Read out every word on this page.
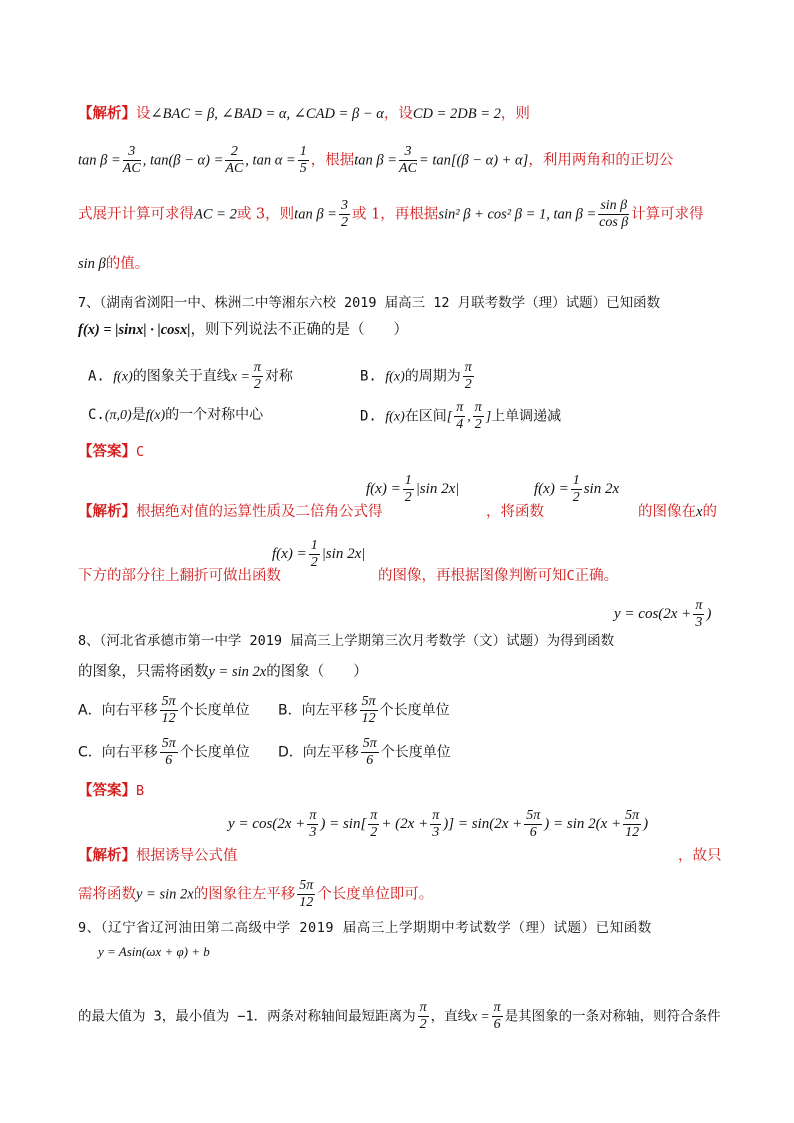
【解析】设∠BAC = β, ∠BAD = α, ∠CAD = β − α，设CD = 2DB = 2，则
$\tan \beta = \frac{3}{AC}$ , $\tan(\beta - \alpha) = \frac{2}{AC}$ , $\tan \alpha = \frac{1}{5}$ ，根据$\tan \beta = \frac{3}{AC} = \tan[(\beta - \alpha) + \alpha]$，利用两角和的正切公
式展开计算可求得AC = 2或 3，则$\tan \beta = \frac{3}{2}$ 或 1，再根据sin² β + cos² β = 1, $\tan \beta = \frac{\text{sin β}}{\text{cos β}}$ 计算可求得
sin β的值。
7、（湖南省浏阳一中、株洲二中等湘东六校 2019 届高三 12 月联考数学（理）试题）已知函数
f(x) = |sinx| · |cosx|，则下列说法不正确的是（　　）
A. f(x)的图象关于直线$x = \frac{\pi}{2}$ 对称	B. f(x)的周期为 $\frac{\pi}{2}$
C.(π,0)是f(x)的一个对称中心	D. f(x)在区间[ $\frac{\pi}{4}$ , $\frac{\pi}{2}$ ]上单调递减
【答案】C
$f(x) = \frac{1}{2} |\sin$ 2x|	$f(x) = \frac{1}{2}$ sin 2x
【解析】根据绝对值的运算性质及二倍角公式得	，将函数	的图像在x的
$f(x) = \frac{1}{2} |\sin$ 2x|
下方的部分往上翻折可做出函数	的图像，再根据图像判断可知C正确。
$y = \cos(2x + \frac{\pi}{3}$ )
8、（河北省承德市第一中学 2019 届高三上学期第三次月考数学（文）试题）为得到函数
的图象，只需将函数y = sin 2x的图象（　　）
A．向右平移 $\frac{5\pi}{12}$ 个长度单位 B．向左平移 $\frac{5\pi}{12}$ 个长度单位
C．向右平移 $\frac{5\pi}{6}$ 个长度单位 D．向左平移 $\frac{5\pi}{6}$ 个长度单位
【答案】B
$y = \cos(2x + \frac{\pi}{3}$ ) = $\sin[ \frac{\pi}{2} + (2x + \frac{\pi}{3}$ )] = $\sin(2x + \frac{5\pi}{6}$ ) = $\sin 2(x + \frac{5\pi}{12}$ )
【解析】根据诱导公式值	，故只
需将函数y = sin 2x的图象往左平移 $\frac{5\pi}{12}$ 个长度单位即可。
9、（辽宁省辽河油田第二高级中学 2019 届高三上学期期中考试数学（理）试题）已知函数
y = Asin(ωx + φ) + b
的最大值为 3，最小值为 −1．两条对称轴间最短距离为 $\frac{\pi}{2}$ ，直线$x = \frac{\pi}{6}$ 是其图象的一条对称轴，则符合条件
